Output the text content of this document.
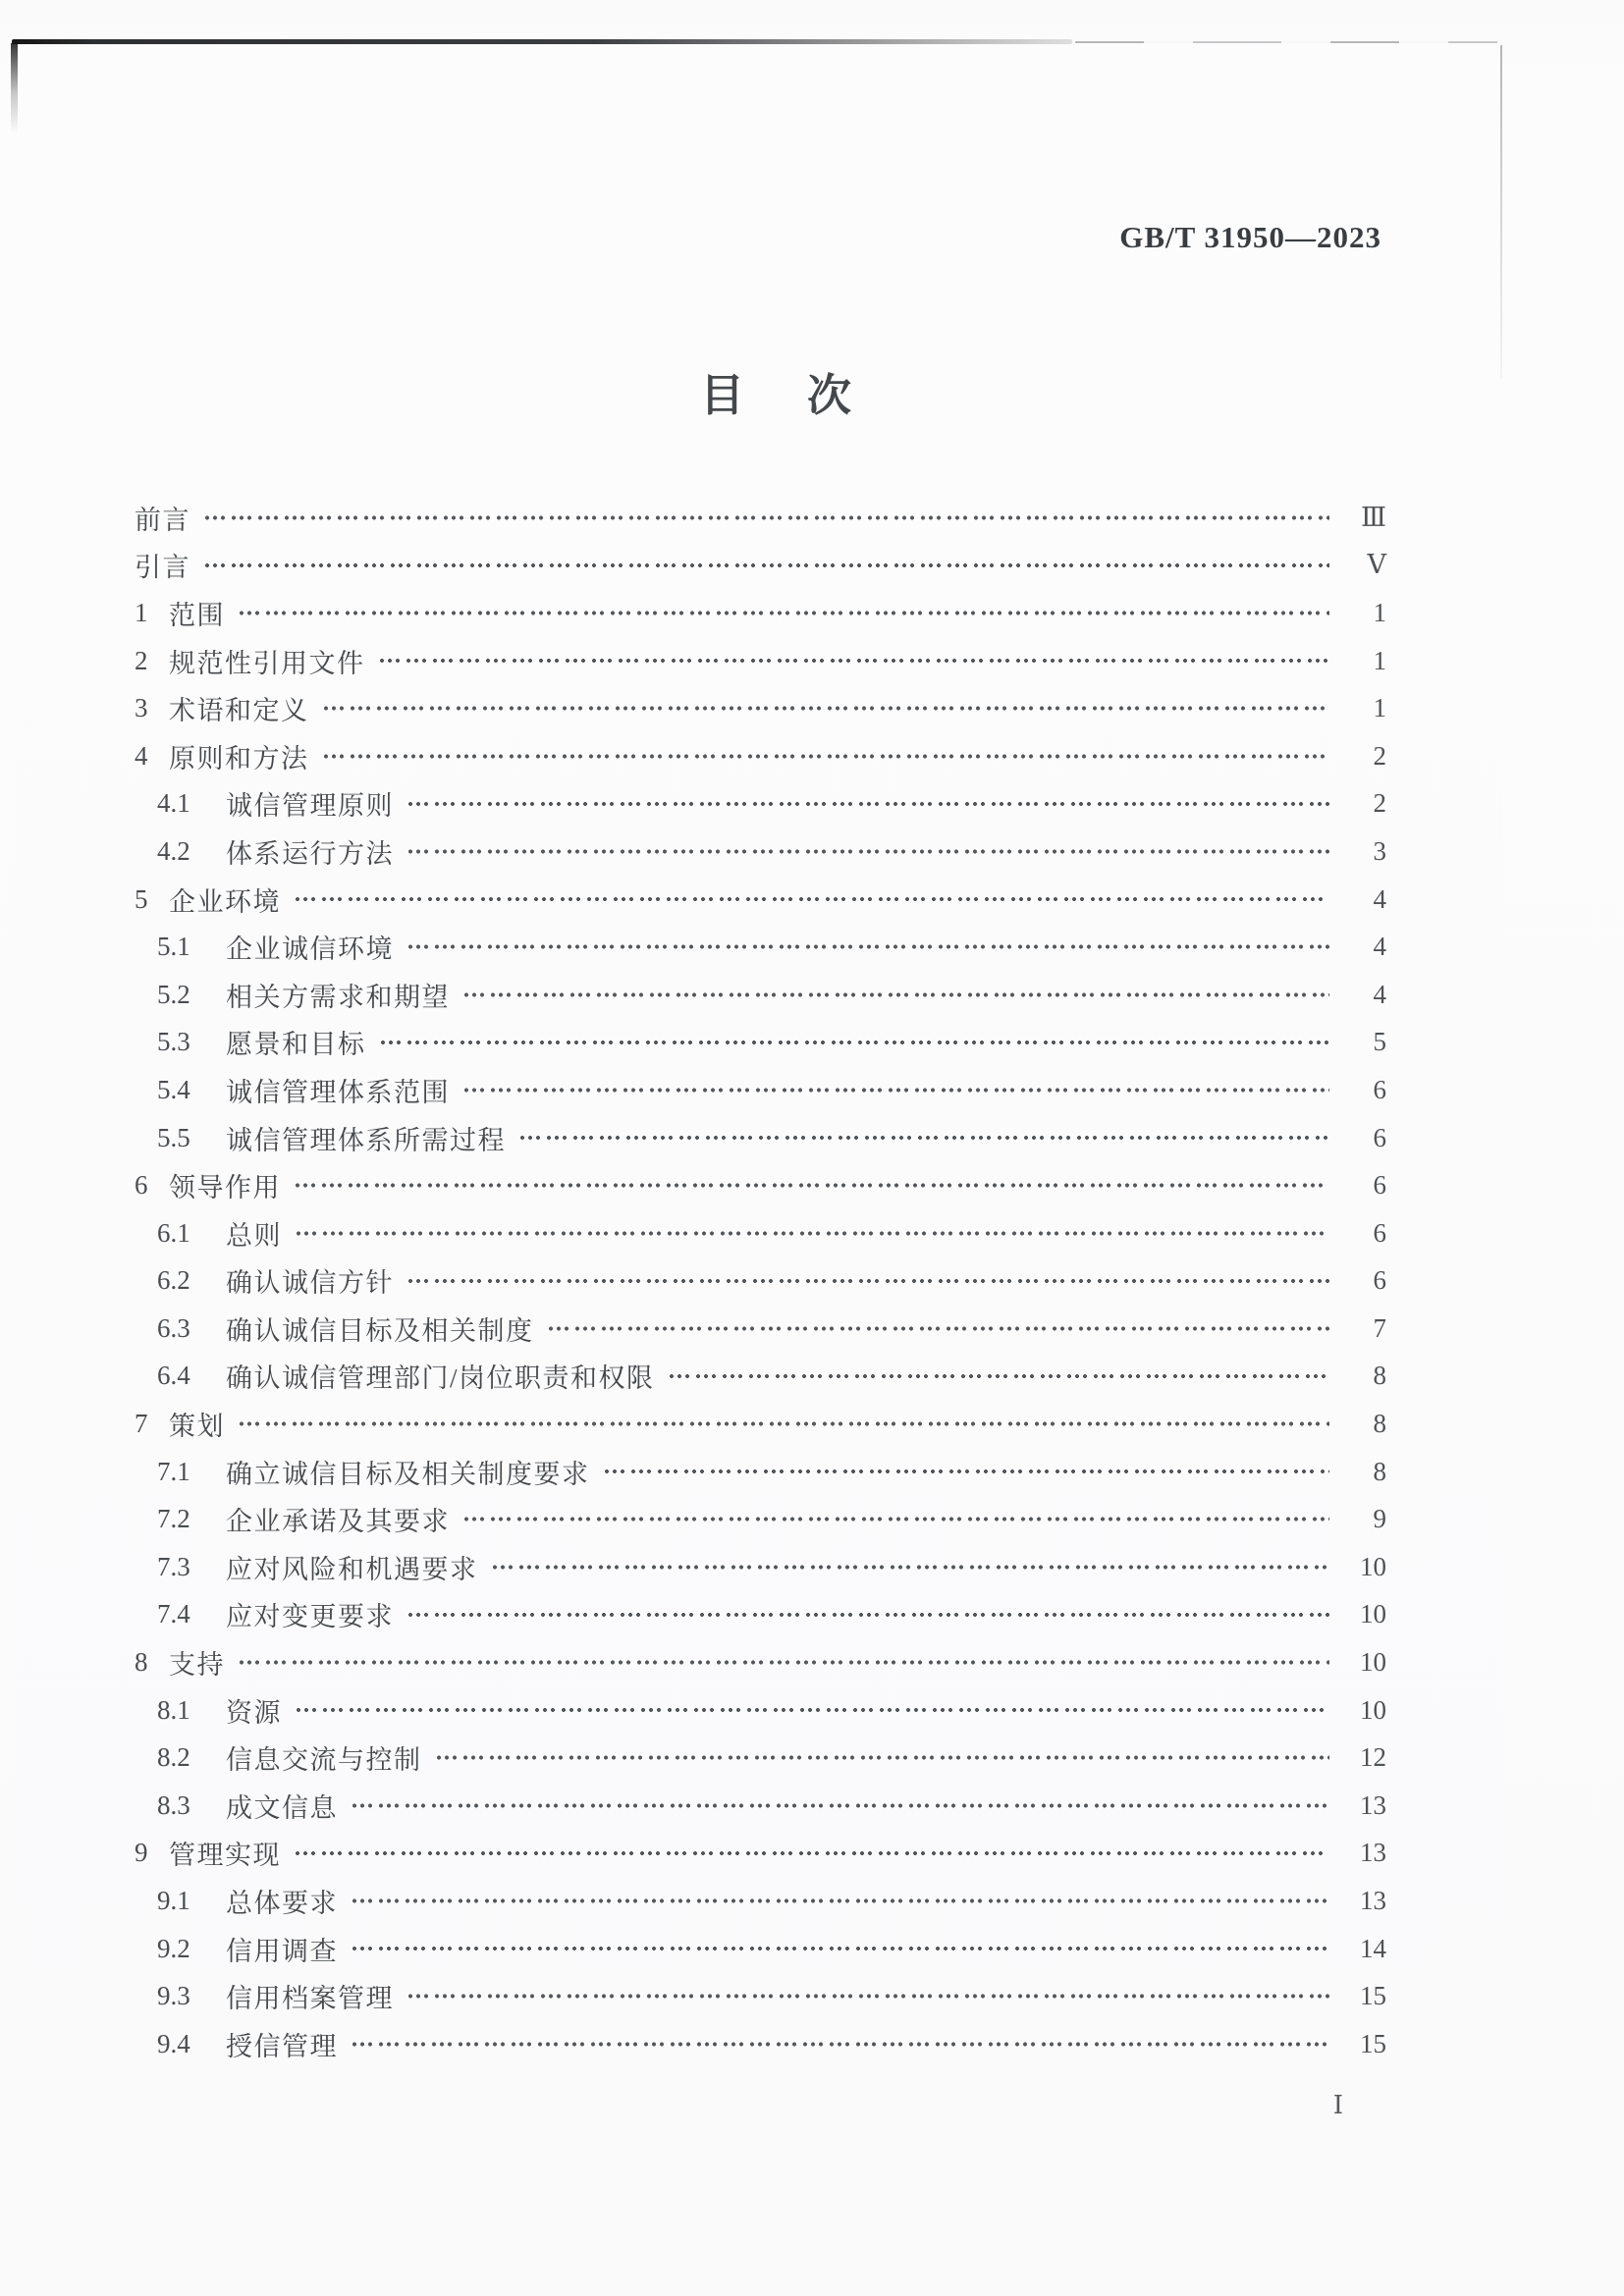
GB/T 31950—2023
目 次
前言	Ⅲ
引言	Ⅴ
1 范围	1
2 规范性引用文件	1
3 术语和定义	1
4 原则和方法	2
4.1	诚信管理原则	2
4.2	体系运行方法	3
5 企业环境	4
5.1	企业诚信环境	4
5.2	相关方需求和期望	4
5.3	愿景和目标	5
5.4	诚信管理体系范围	6
5.5	诚信管理体系所需过程	6
6 领导作用	6
6.1	总则	6
6.2	确认诚信方针	6
6.3	确认诚信目标及相关制度	7
6.4	确认诚信管理部门/岗位职责和权限	8
7 策划	8
7.1	确立诚信目标及相关制度要求	8
7.2	企业承诺及其要求	9
7.3	应对风险和机遇要求	10
7.4	应对变更要求	10
8 支持	10
8.1	资源	10
8.2	信息交流与控制	12
8.3	成文信息	13
9 管理实现	13
9.1	总体要求	13
9.2	信用调查	14
9.3	信用档案管理	15
9.4	授信管理	15
Ⅰ
